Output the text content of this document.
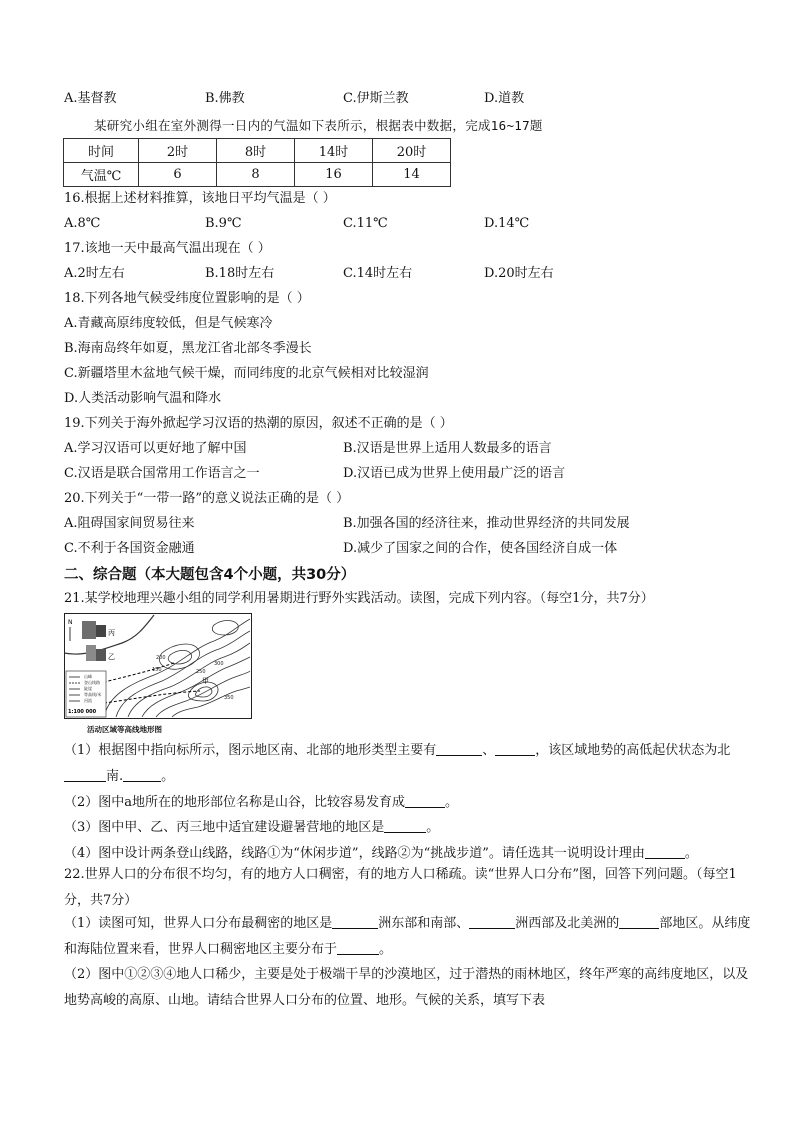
A.基督教	B.佛教	C.伊斯兰教	D.道教
某研究小组在室外测得一日内的气温如下表所示，根据表中数据，完成16~17题
时间	2时	8时	14时	20时
气温℃	6	8	16	14
16.根据上述材料推算，该地日平均气温是（ ）
A.8℃	B.9℃	C.11℃	D.14℃
17.该地一天中最高气温出现在（ ）
A.2时左右	B.18时左右	C.14时左右	D.20时左右
18.下列各地气候受纬度位置影响的是（ ）
A.青藏高原纬度较低，但是气候寒冷
B.海南岛终年如夏，黑龙江省北部冬季漫长
C.新疆塔里木盆地气候干燥，而同纬度的北京气候相对比较湿润
D.人类活动影响气温和降水
19.下列关于海外掀起学习汉语的热潮的原因，叙述不正确的是（ ）
A.学习汉语可以更好地了解中国	B.汉语是世界上适用人数最多的语言
C.汉语是联合国常用工作语言之一	D.汉语已成为世界上使用最广泛的语言
20.下列关于“一带一路”的意义说法正确的是（ ）
A.阻碍国家间贸易往来	B.加强各国的经济往来，推动世界经济的共同发展
C.不利于各国资金融通	D.减少了国家之间的合作，使各国经济自成一体
二、综合题（本大题包含4个小题，共30分）
21.某学校地理兴趣小组的同学利用暑期进行野外实践活动。读图，完成下列内容。（每空1分，共7分）
N
丙
乙
甲
150
200
250
300
350
山峰
登山线路
陡崖
等高线/米
河流
1:100 000
活动区域等高线地形图
（1）根据图中指向标所示，图示地区南、北部的地形类型主要有	、	，该区域地势的高低起伏状态为北南.	。
（2）图中a地所在的地形部位名称是山谷，比较容易发育成	。
（3）图中甲、乙、丙三地中适宜建设避暑营地的地区是	。
（4）图中设计两条登山线路，线路①为“休闲步道”，线路②为“挑战步道”。请任选其一说明设计理由	。
22.世界人口的分布很不均匀，有的地方人口稠密，有的地方人口稀疏。读“世界人口分布”图，回答下列问题。（每空1分，共7分）
（1）读图可知，世界人口分布最稠密的地区是	洲东部和南部、	洲西部及北美洲的	部地区。从纬度和海陆位置来看，世界人口稠密地区主要分布于	。
（2）图中①②③④地人口稀少，主要是处于极端干旱的沙漠地区，过于潜热的雨林地区，终年严寒的高纬度地区，以及地势高峻的高原、山地。请结合世界人口分布的位置、地形。气候的关系，填写下表
